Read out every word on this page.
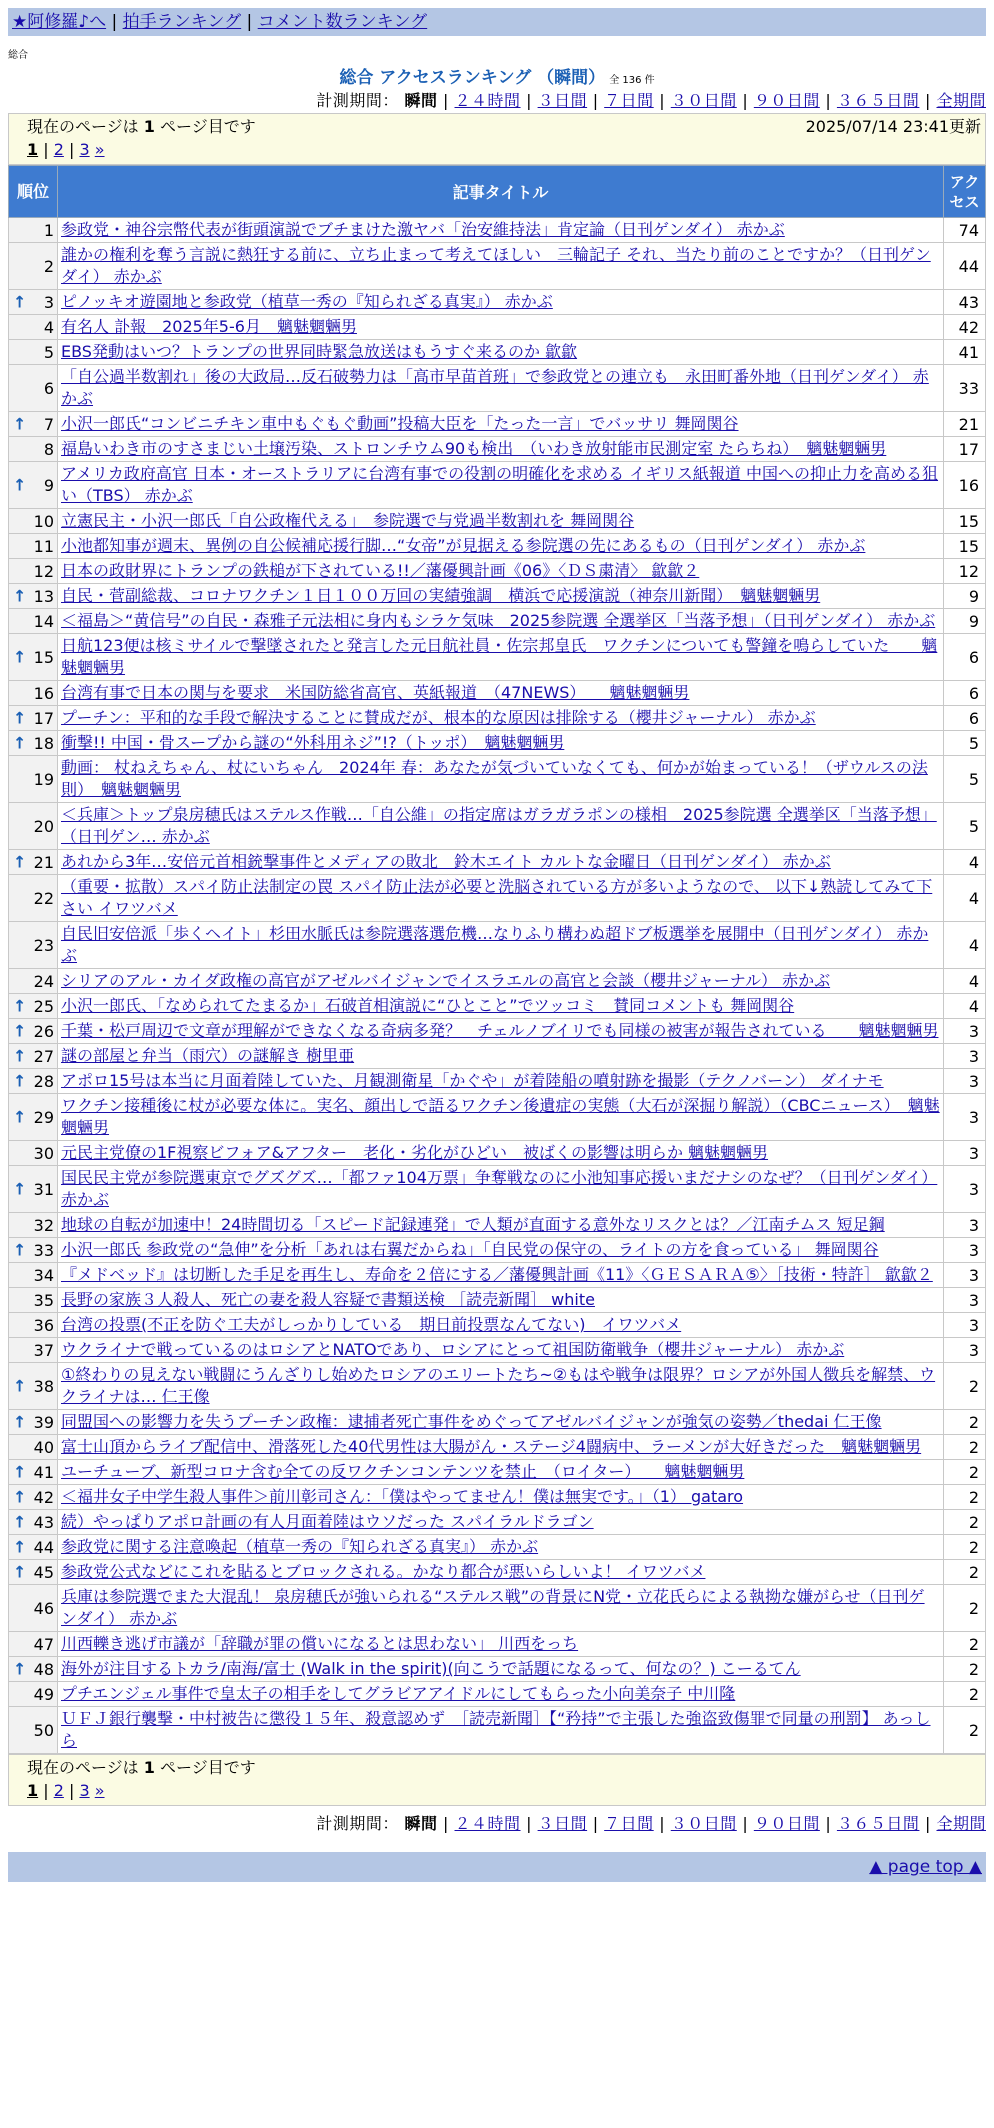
★阿修羅♪へ | 拍手ランキング | コメント数ランキング
総合
総合 アクセスランキング （瞬間） 全 136 件
計測期間： 瞬間 | ２４時間 | ３日間 | ７日間 | ３０日間 | ９０日間 | ３６５日間 | 全期間
現在のページは 1 ページ目です	2025/07/14 23:41更新
1 | 2 | 3 »
順位	記事タイトル	アクセス
1	参政党・神谷宗幣代表が街頭演説でブチまけた激ヤバ「治安維持法」肯定論（日刊ゲンダイ） 赤かぶ	74
2	誰かの権利を奪う言説に熱狂する前に、立ち止まって考えてほしい　三輪記子 それ、当たり前のことですか？（日刊ゲンダイ） 赤かぶ	44

↑ 3	ピノッキオ遊園地と参政党（植草一秀の『知られざる真実』） 赤かぶ	43
4	有名人 訃報　2025年5-6月　魑魅魍魎男	42
5	EBS発動はいつ？トランプの世界同時緊急放送はもうすぐ来るのか 歙歙	41
6	「自公過半数割れ」後の大政局…反石破勢力は「高市早苗首班」で参政党との連立も　永田町番外地（日刊ゲンダイ） 赤かぶ	33

↑ 7	小沢一郎氏“コンビニチキン車中もぐもぐ動画”投稿大臣を「たった一言」でバッサリ 舞岡関谷	21
8	福島いわき市のすさまじい土壌汚染、ストロンチウム90も検出　（いわき放射能市民測定室 たらちね）　魑魅魍魎男	17

↑ 9	アメリカ政府高官 日本・オーストラリアに台湾有事での役割の明確化を求める イギリス紙報道 中国への抑止力を高める狙い（TBS） 赤かぶ	16
10	立憲民主・小沢一郎氏「自公政権代える」　参院選で与党過半数割れを 舞岡関谷	15
11	小池都知事が週末、異例の自公候補応援行脚…“女帝”が見据える参院選の先にあるもの（日刊ゲンダイ） 赤かぶ	15
12	日本の政財界にトランプの鉄槌が下されている!!／藩優興計画《06》〈ＤＳ粛清〉 歙歙２	12

↑ 13	自民・菅副総裁、コロナワクチン１日１００万回の実績強調　横浜で応援演説（神奈川新聞）　魑魅魍魎男	9
14	＜福島＞“黄信号”の自民・森雅子元法相に身内もシラケ気味　2025参院選 全選挙区「当落予想」（日刊ゲンダイ） 赤かぶ	9

↑ 15	日航123便は核ミサイルで撃墜されたと発言した元日航社員・佐宗邦皇氏　ワクチンについても警鐘を鳴らしていた　　魑魅魍魎男	6
16	台湾有事で日本の関与を要求　米国防総省高官、英紙報道　（47NEWS）　　魑魅魍魎男	6

↑ 17	プーチン：平和的な手段で解決することに賛成だが、根本的な原因は排除する（櫻井ジャーナル） 赤かぶ	6

↑ 18	衝撃!! 中国・骨スープから謎の“外科用ネジ”!?（トッポ）　魑魅魍魎男	5
19	動画： 杖ねえちゃん、杖にいちゃん　2024年 春：あなたが気づいていなくても、何かが始まっている！（ザウルスの法則）　魑魅魍魎男	5
20	＜兵庫＞トップ泉房穂氏はステルス作戦…「自公維」の指定席はガラガラポンの様相　2025参院選 全選挙区「当落予想」（日刊ゲン… 赤かぶ	5

↑ 21	あれから3年…安倍元首相銃撃事件とメディアの敗北　鈴木エイト カルトな金曜日（日刊ゲンダイ） 赤かぶ	4
22	（重要・拡散）スパイ防止法制定の罠 スパイ防止法が必要と洗脳されている方が多いようなので、 以下↓熟読してみて下さい イワツバメ	4
23	自民旧安倍派「歩くヘイト」杉田水脈氏は参院選落選危機…なりふり構わぬ超ドブ板選挙を展開中（日刊ゲンダイ） 赤かぶ	4
24	シリアのアル・カイダ政権の高官がアゼルバイジャンでイスラエルの高官と会談（櫻井ジャーナル） 赤かぶ	4

↑ 25	小沢一郎氏、「なめられてたまるか」石破首相演説に“ひとこと”でツッコミ　賛同コメントも 舞岡関谷	4

↑ 26	千葉・松戸周辺で文章が理解ができなくなる奇病多発？　チェルノブイリでも同様の被害が報告されている　　魑魅魍魎男	3

↑ 27	謎の部屋と弁当（雨穴）の謎解き 樹里亜	3

↑ 28	アポロ15号は本当に月面着陸していた、月観測衛星「かぐや」が着陸船の噴射跡を撮影（テクノバーン） ダイナモ	3

↑ 29	ワクチン接種後に杖が必要な体に。実名、顔出しで語るワクチン後遺症の実態（大石が深掘り解説）（CBCニュース）　魑魅魍魎男	3
30	元民主党僚の1F視察ビフォア&アフター　老化・劣化がひどい　被ばくの影響は明らか 魑魅魍魎男	3

↑ 31	国民民主党が参院選東京でグズグズ…「都ファ104万票」争奪戦なのに小池知事応援いまだナシのなぜ？（日刊ゲンダイ） 赤かぶ	3
32	地球の自転が加速中！24時間切る「スピード記録連発」で人類が直面する意外なリスクとは？／江南チムス 短足鋼	3

↑ 33	小沢一郎氏 参政党の“急伸”を分析「あれは右翼だからね」「自民党の保守の、ライトの方を食っている」 舞岡関谷	3
34	『メドベッド』は切断した手足を再生し、寿命を２倍にする／藩優興計画《11》〈ＧＥＳＡＲＡ⑤〉［技術・特許］ 歙歙２	3
35	長野の家族３人殺人、死亡の妻を殺人容疑で書類送検 ［読売新聞］ white	3
36	台湾の投票(不正を防ぐ工夫がしっかりしている　期日前投票なんてない)　イワツバメ	3
37	ウクライナで戦っているのはロシアとNATOであり、ロシアにとって祖国防衛戦争（櫻井ジャーナル） 赤かぶ	3

↑ 38	①終わりの見えない戦闘にうんざりし始めたロシアのエリートたち~②もはや戦争は限界？ロシアが外国人徴兵を解禁、ウクライナは… 仁王像	2

↑ 39	同盟国への影響力を失うプーチン政権：逮捕者死亡事件をめぐってアゼルバイジャンが強気の姿勢／thedai 仁王像	2
40	富士山頂からライブ配信中、滑落死した40代男性は大腸がん・ステージ4闘病中、ラーメンが大好きだった　魑魅魍魎男	2

↑ 41	ユーチューブ、新型コロナ含む全ての反ワクチンコンテンツを禁止　（ロイター）　　魑魅魍魎男	2

↑ 42	＜福井女子中学生殺人事件＞前川彰司さん：「僕はやってません！僕は無実です。」（1） gataro	2

↑ 43	続）やっぱりアポロ計画の有人月面着陸はウソだった スパイラルドラゴン	2

↑ 44	参政党に関する注意喚起（植草一秀の『知られざる真実』） 赤かぶ	2

↑ 45	参政党公式などにこれを貼るとブロックされる。かなり都合が悪いらしいよ！ イワツバメ	2
46	兵庫は参院選でまた大混乱！ 泉房穂氏が強いられる“ステルス戦”の背景にN党・立花氏らによる執拗な嫌がらせ（日刊ゲンダイ） 赤かぶ	2
47	川西轢き逃げ市議が「辞職が罪の償いになるとは思わない」 川西をっち	2

↑ 48	海外が注目するトカラ/南海/富士 (Walk in the spirit)(向こうで話題になるって、何なの？) こーるてん	2
49	プチエンジェル事件で皇太子の相手をしてグラビアアイドルにしてもらった小向美奈子 中川隆	2
50	ＵＦＪ銀行襲撃・中村被告に懲役１５年、殺意認めず　［読売新聞］【“矜持”で主張した強盗致傷罪で同量の刑罰】 あっしら	2
現在のページは 1 ページ目です
1 | 2 | 3 »
計測期間： 瞬間 | ２４時間 | ３日間 | ７日間 | ３０日間 | ９０日間 | ３６５日間 | 全期間
▲ page top ▲
